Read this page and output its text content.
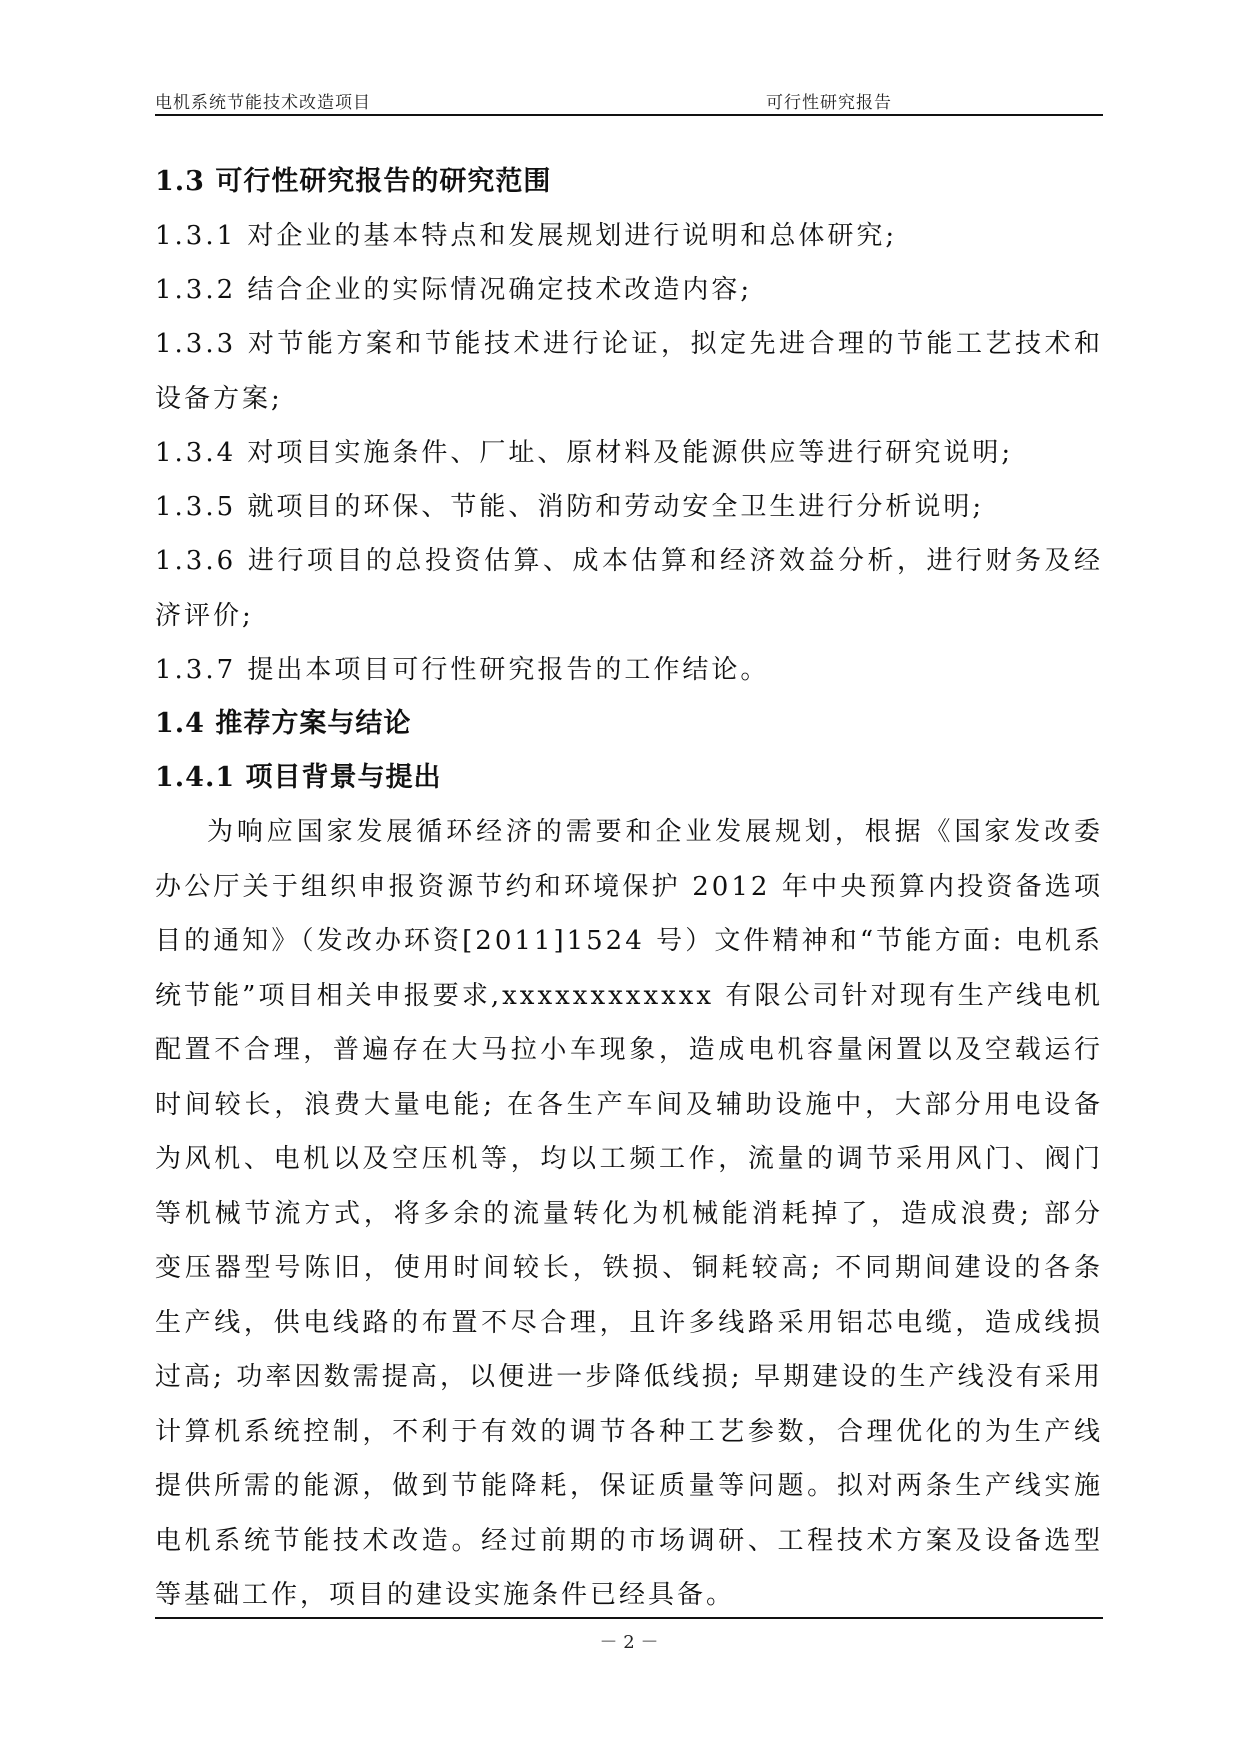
电机系统节能技术改造项目	可行性研究报告
1.3 可行性研究报告的研究范围

1.3.1 对企业的基本特点和发展规划进行说明和总体研究;

1.3.2 结合企业的实际情况确定技术改造内容;

1.3.3 对节能方案和节能技术进行论证，拟定先进合理的节能工艺技术和设备方案;

1.3.4 对项目实施条件、厂址、原材料及能源供应等进行研究说明;

1.3.5 就项目的环保、节能、消防和劳动安全卫生进行分析说明;

1.3.6 进行项目的总投资估算、成本估算和经济效益分析，进行财务及经济评价;

1.3.7 提出本项目可行性研究报告的工作结论。

1.4 推荐方案与结论
1.4.1 项目背景与提出

为响应国家发展循环经济的需要和企业发展规划，根据《国家发改委办公厅关于组织申报资源节约和环境保护 2012 年中央预算内投资备选项目的通知》（发改办环资[2011]1524 号）文件精神和“节能方面: 电机系统节能”项目相关申报要求,xxxxxxxxxxxx 有限公司针对现有生产线电机配置不合理，普遍存在大马拉小车现象，造成电机容量闲置以及空载运行时间较长，浪费大量电能; 在各生产车间及辅助设施中，大部分用电设备为风机、电机以及空压机等，均以工频工作，流量的调节采用风门、阀门等机械节流方式，将多余的流量转化为机械能消耗掉了，造成浪费; 部分变压器型号陈旧，使用时间较长，铁损、铜耗较高; 不同期间建设的各条生产线，供电线路的布置不尽合理，且许多线路采用铝芯电缆，造成线损过高; 功率因数需提高，以便进一步降低线损; 早期建设的生产线没有采用计算机系统控制，不利于有效的调节各种工艺参数，合理优化的为生产线提供所需的能源，做到节能降耗，保证质量等问题。拟对两条生产线实施电机系统节能技术改造。经过前期的市场调研、工程技术方案及设备选型等基础工作，项目的建设实施条件已经具备。

－ 2 －
